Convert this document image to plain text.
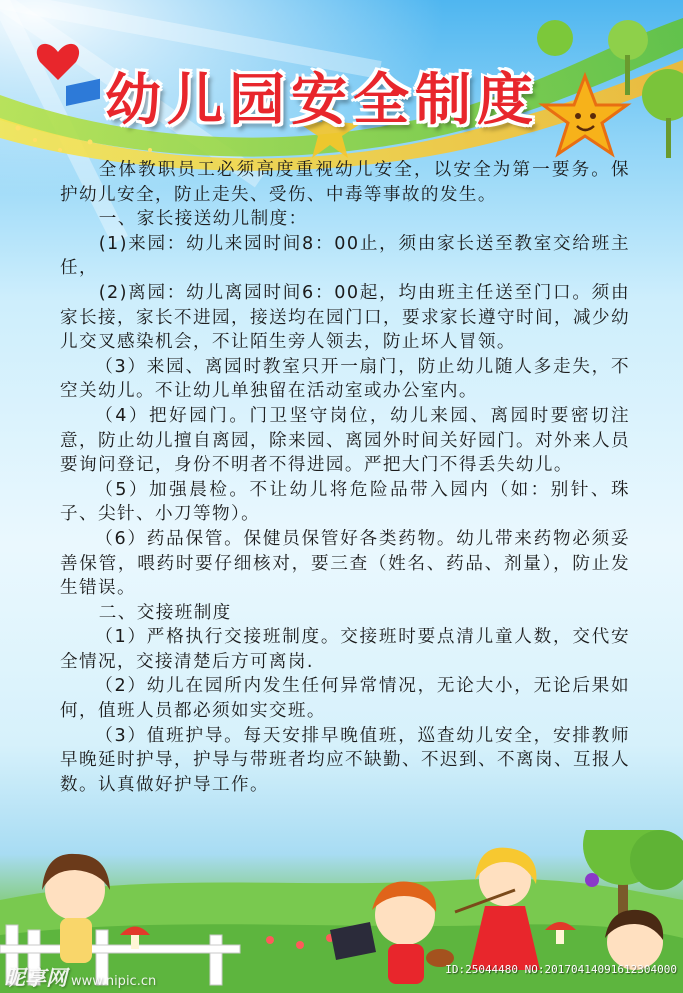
幼儿园安全制度

全体教职员工必须高度重视幼儿安全，以安全为第一要务。保护幼儿安全，防止走失、受伤、中毒等事故的发生。

一、家长接送幼儿制度：

(1)来园：幼儿来园时间8：00止，须由家长送至教室交给班主任，

(2)离园：幼儿离园时间6：00起，均由班主任送至门口。须由家长接，家长不进园，接送均在园门口，要求家长遵守时间，减少幼儿交叉感染机会，不让陌生旁人领去，防止坏人冒领。

（3）来园、离园时教室只开一扇门，防止幼儿随人多走失，不空关幼儿。不让幼儿单独留在活动室或办公室内。

（4）把好园门。门卫坚守岗位，幼儿来园、离园时要密切注意，防止幼儿擅自离园，除来园、离园外时间关好园门。对外来人员要询问登记，身份不明者不得进园。严把大门不得丢失幼儿。

（5）加强晨检。不让幼儿将危险品带入园内（如：别针、珠子、尖针、小刀等物）。

（6）药品保管。保健员保管好各类药物。幼儿带来药物必须妥善保管，喂药时要仔细核对，要三查（姓名、药品、剂量），防止发生错误。

二、交接班制度

（1）严格执行交接班制度。交接班时要点清儿童人数，交代安全情况，交接清楚后方可离岗.

（2）幼儿在园所内发生任何异常情况，无论大小，无论后果如何，值班人员都必须如实交班。

（3）值班护导。每天安排早晚值班，巡查幼儿安全，安排教师早晚延时护导，护导与带班者均应不缺勤、不迟到、不离岗、互报人数。认真做好护导工作。

昵享网 www.nipic.cn
ID:25044480 NO:20170414091612304000
